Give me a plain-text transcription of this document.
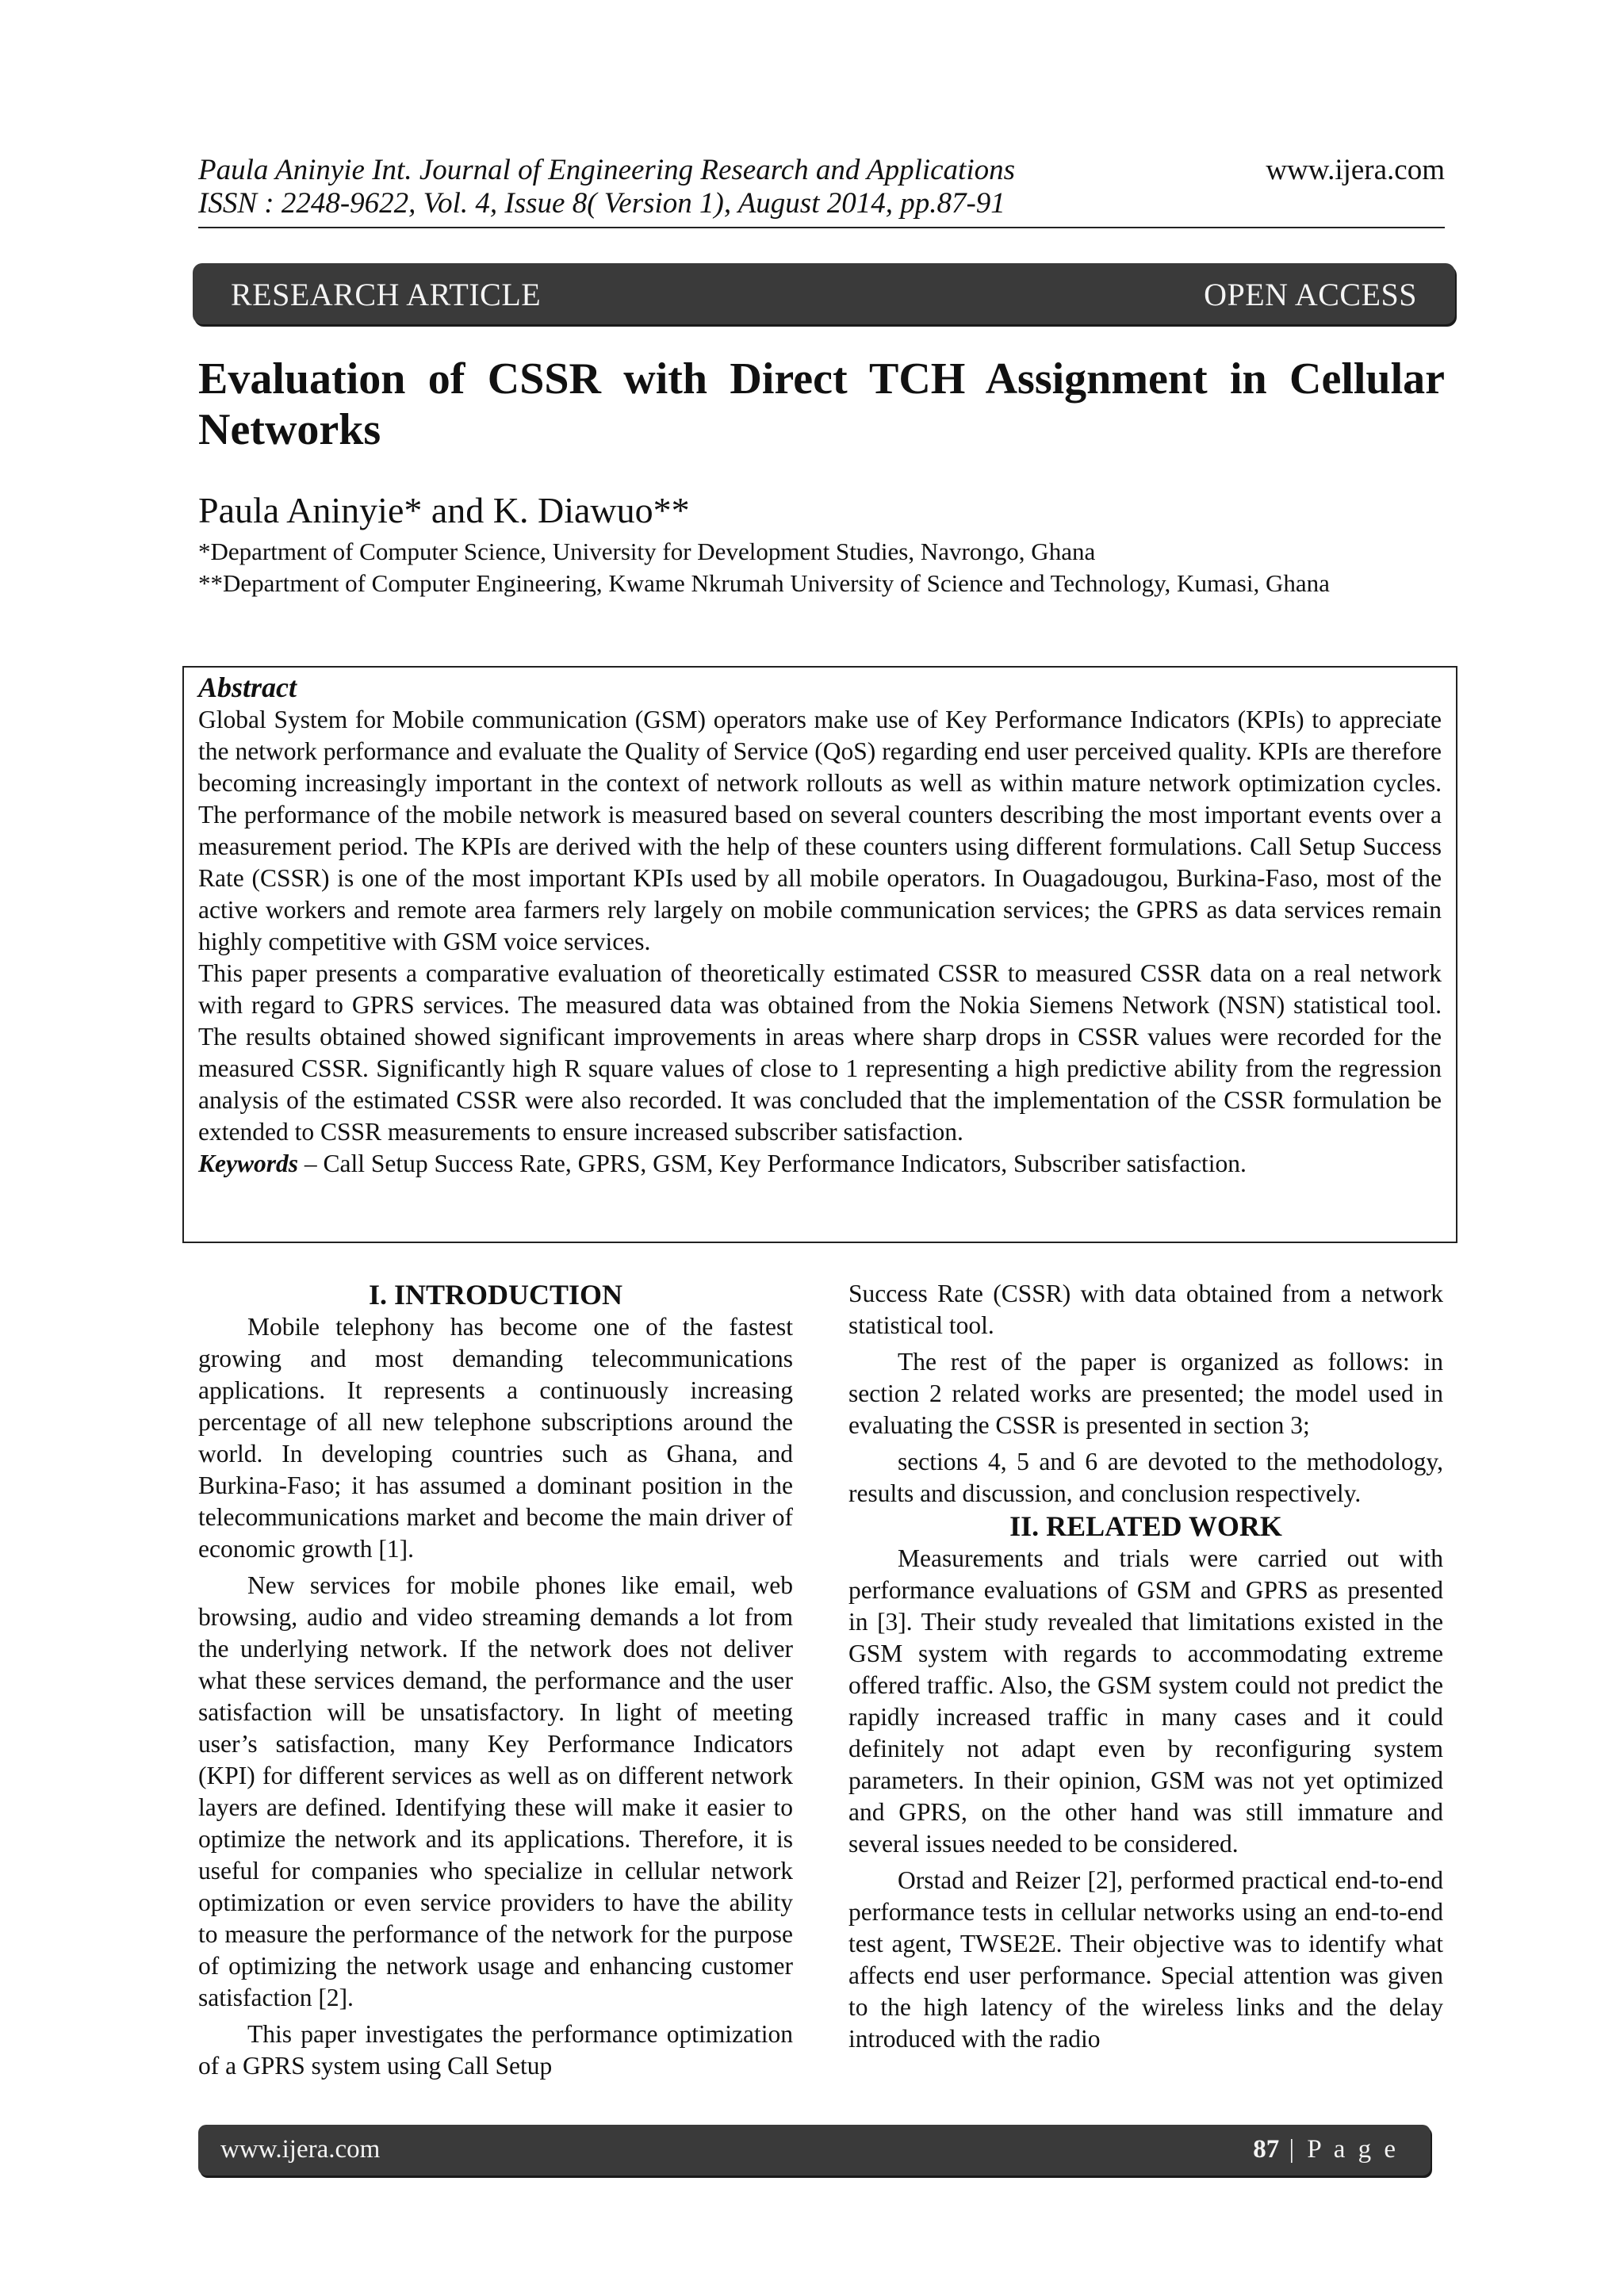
Paula Aninyie Int. Journal of Engineering Research and Applications
ISSN : 2248-9622, Vol. 4, Issue 8( Version 1), August 2014, pp.87-91
www.ijera.com
RESEARCH ARTICLE	OPEN ACCESS
Evaluation of CSSR with Direct TCH Assignment in Cellular Networks
Paula Aninyie* and K. Diawuo**
*Department of Computer Science, University for Development Studies, Navrongo, Ghana
**Department of Computer Engineering, Kwame Nkrumah University of Science and Technology, Kumasi, Ghana
Abstract

Global System for Mobile communication (GSM) operators make use of Key Performance Indicators (KPIs) to appreciate the network performance and evaluate the Quality of Service (QoS) regarding end user perceived quality. KPIs are therefore becoming increasingly important in the context of network rollouts as well as within mature network optimization cycles. The performance of the mobile network is measured based on several counters describing the most important events over a measurement period. The KPIs are derived with the help of these counters using different formulations. Call Setup Success Rate (CSSR) is one of the most important KPIs used by all mobile operators. In Ouagadougou, Burkina-Faso, most of the active workers and remote area farmers rely largely on mobile communication services; the GPRS as data services remain highly competitive with GSM voice services.

This paper presents a comparative evaluation of theoretically estimated CSSR to measured CSSR data on a real network with regard to GPRS services. The measured data was obtained from the Nokia Siemens Network (NSN) statistical tool. The results obtained showed significant improvements in areas where sharp drops in CSSR values were recorded for the measured CSSR. Significantly high R square values of close to 1 representing a high predictive ability from the regression analysis of the estimated CSSR were also recorded. It was concluded that the implementation of the CSSR formulation be extended to CSSR measurements to ensure increased subscriber satisfaction.

Keywords – Call Setup Success Rate, GPRS, GSM, Key Performance Indicators, Subscriber satisfaction.

I. INTRODUCTION

Mobile telephony has become one of the fastest growing and most demanding telecommunications applications. It represents a continuously increasing percentage of all new telephone subscriptions around the world. In developing countries such as Ghana, and Burkina-Faso; it has assumed a dominant position in the telecommunications market and become the main driver of economic growth [1].

New services for mobile phones like email, web browsing, audio and video streaming demands a lot from the underlying network. If the network does not deliver what these services demand, the performance and the user satisfaction will be unsatisfactory. In light of meeting user’s satisfaction, many Key Performance Indicators (KPI) for different services as well as on different network layers are defined. Identifying these will make it easier to optimize the network and its applications. Therefore, it is useful for companies who specialize in cellular network optimization or even service providers to have the ability to measure the performance of the network for the purpose of optimizing the network usage and enhancing customer satisfaction [2].

This paper investigates the performance optimization of a GPRS system using Call Setup

Success Rate (CSSR) with data obtained from a network statistical tool.

The rest of the paper is organized as follows: in section 2 related works are presented; the model used in evaluating the CSSR is presented in section 3;

sections 4, 5 and 6 are devoted to the methodology, results and discussion, and conclusion respectively.

II. RELATED WORK

Measurements and trials were carried out with performance evaluations of GSM and GPRS as presented in [3]. Their study revealed that limitations existed in the GSM system with regards to accommodating extreme offered traffic. Also, the GSM system could not predict the rapidly increased traffic in many cases and it could definitely not adapt even by reconfiguring system parameters. In their opinion, GSM was not yet optimized and GPRS, on the other hand was still immature and several issues needed to be considered.

Orstad and Reizer [2], performed practical end-to-end performance tests in cellular networks using an end-to-end test agent, TWSE2E. Their objective was to identify what affects end user performance. Special attention was given to the high latency of the wireless links and the delay introduced with the radio

www.ijera.com	87 | P a g e
